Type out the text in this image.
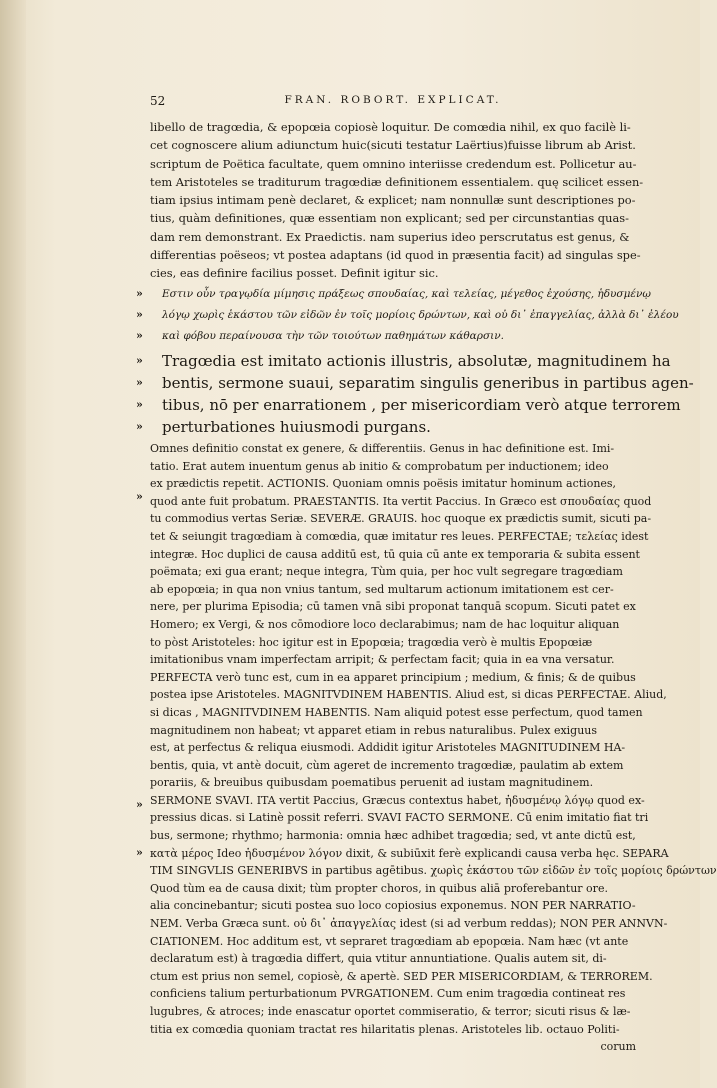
52	FRAN. ROBORT. EXPLICAT.
libello de tragœdia, & epopœia copiosè loquitur. De comœdia nihil, ex quo facilè li-
cet cognoscere alium adiunctum huic(sicuti testatur Laërtius)fuisse librum ab Arist.
scriptum de Poëtica facultate, quem omnino interiisse credendum est. Pollicetur au-
tem Aristoteles se traditurum tragœdiæ definitionem essentialem. quę scilicet essen-
tiam ipsius intimam penè declaret, & explicet; nam nonnullæ sunt descriptiones po-
tius, quàm definitiones, quæ essentiam non explicant; sed per circunstantias quas-
dam rem demonstrant. Ex Praedictis. nam superius ideo perscrutatus est genus, &
differentias poëseos; vt postea adaptans (id quod in præsentia facit) ad singulas spe-
cies, eas definire facilius posset. Definit igitur sic.
Εστιν οὖν τραγῳδία μίμησις πράξεως σπουδαίας, καὶ τελείας, μέγεθος ἐχούσης, ἡδυσμένῳ
λόγῳ χωρὶς ἑκάστου τῶν εἰδῶν ἐν τοῖς μορίοις δρώντων, καὶ οὐ δι᾽ ἐπαγγελίας, ἀλλὰ δι᾽ ἐλέου
καὶ φόβου περαίνουσα τὴν τῶν τοιούτων παθημάτων κάθαρσιν.
»
»
»
Tragœdia est imitato actionis illustris, absolutæ, magnitudinem ha
bentis, sermone suaui, separatim singulis generibus in partibus agen-
tibus, nō per enarrationem , per misericordiam verò atque terrorem
perturbationes huiusmodi purgans.
»
»
»
»
Omnes definitio constat ex genere, & differentiis. Genus in hac definitione est. Imi-
tatio. Erat autem inuentum genus ab initio & comprobatum per inductionem; ideo
ex prædictis repetit. ACTIONIS. Quoniam omnis poësis imitatur hominum actiones,
quod ante fuit probatum. PRAESTANTIS. Ita vertit Paccius. In Græco est σπουδαίας quod
tu commodius vertas Seriæ. SEVERÆ. GRAUIS. hoc quoque ex prædictis sumit, sicuti pa-
tet & seiungit tragœdiam à comœdia, quæ imitatur res leues. PERFECTAE; τελείας idest
integræ. Hoc duplici de causa additū est, tū quia cū ante ex temporaria & subita essent
poëmata; exi gua erant; neque integra, Tùm quia, per hoc vult segregare tragœdiam
ab epopœia; in qua non vnius tantum, sed multarum actionum imitationem est cer-
nere, per plurima Episodia; cū tamen vnā sibi proponat tanquā scopum. Sicuti patet ex
Homero; ex Vergi, & nos cōmodiore loco declarabimus; nam de hac loquitur aliquan
to pòst Aristoteles: hoc igitur est in Epopœia; tragœdia verò è multis Epopœiæ
imitationibus vnam imperfectam arripit; & perfectam facit; quia in ea vna versatur.
PERFECTA verò tunc est, cum in ea apparet principium ; medium, & finis; & de quibus
postea ipse Aristoteles. MAGNITVDINEM HABENTIS. Aliud est, si dicas PERFECTAE. Aliud,
si dicas , MAGNITVDINEM HABENTIS. Nam aliquid potest esse perfectum, quod tamen
magnitudinem non habeat; vt apparet etiam in rebus naturalibus. Pulex exiguus
est, at perfectus & reliqua eiusmodi. Addidit igitur Aristoteles MAGNITUDINEM HA-
bentis, quia, vt antè docuit, cùm ageret de incremento tragœdiæ, paulatim ab extem
porariis, & breuibus quibusdam poematibus peruenit ad iustam magnitudinem.
SERMONE SVAVI. ITA vertit Paccius, Græcus contextus habet, ἡδυσμένῳ λόγῳ quod ex-
pressius dicas. si Latinè possit referri. SVAVI FACTO SERMONE. Cū enim imitatio fiat tri
bus, sermone; rhythmo; harmonia: omnia hæc adhibet tragœdia; sed, vt ante dictū est,
κατὰ μέρος Ideo ἡδυσμένον λόγον dixit, & subiūxit ferè explicandi causa verba hęc. SEPARA
TIM SINGVLIS GENERIBVS in partibus agētibus. χωρὶς ἑκάστου τῶν εἰδῶν ἐν τοῖς μορίοις δρώντων
Quod tùm ea de causa dixit; tùm propter choros, in quibus aliā proferebantur ore.
alia concinebantur; sicuti postea suo loco copiosius exponemus. NON PER NARRATIO-
NEM. Verba Græca sunt. οὐ δι᾽ ἀπαγγελίας idest (si ad verbum reddas); NON PER ANNVN-
CIATIONEM. Hoc additum est, vt sepraret tragœdiam ab epopœia. Nam hæc (vt ante
declaratum est) à tragœdia differt, quia vtitur annuntiatione. Qualis autem sit, di-
ctum est prius non semel, copiosè, & apertè. SED PER MISERICORDIAM, & TERROREM.
conficiens talium perturbationum PVRGATIONEM. Cum enim tragœdia contineat res
lugubres, & atroces; inde enascatur oportet commiseratio, & terror; sicuti risus & læ-
titia ex comœdia quoniam tractat res hilaritatis plenas. Aristoteles lib. octauo Politi-
corum
»
»
»
